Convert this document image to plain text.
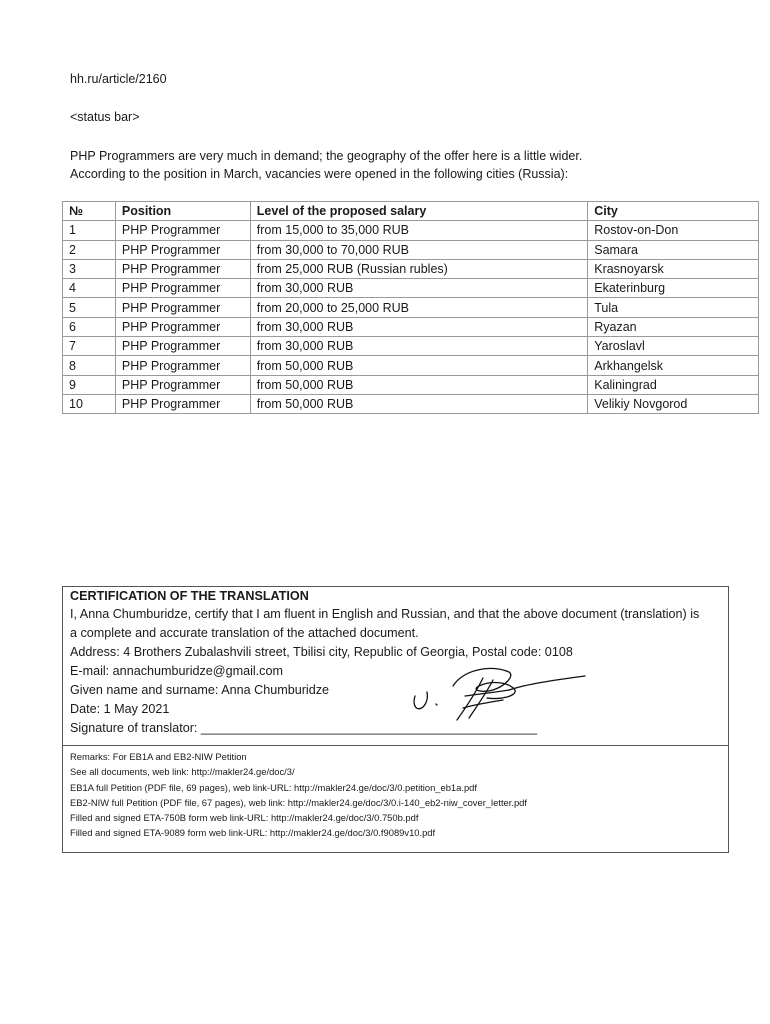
hh.ru/article/2160
<status bar>
PHP Programmers are very much in demand; the geography of the offer here is a little wider.
According to the position in March, vacancies were opened in the following cities (Russia):
№	Position	Level of the proposed salary	City
1	PHP Programmer	from 15,000 to 35,000 RUB	Rostov-on-Don
2	PHP Programmer	from 30,000 to 70,000 RUB	Samara
3	PHP Programmer	from 25,000 RUB (Russian rubles)	Krasnoyarsk
4	PHP Programmer	from 30,000 RUB	Ekaterinburg
5	PHP Programmer	from 20,000 to 25,000 RUB	Tula
6	PHP Programmer	from 30,000 RUB	Ryazan
7	PHP Programmer	from 30,000 RUB	Yaroslavl
8	PHP Programmer	from 50,000 RUB	Arkhangelsk
9	PHP Programmer	from 50,000 RUB	Kaliningrad
10	PHP Programmer	from 50,000 RUB	Velikiy Novgorod
CERTIFICATION OF THE TRANSLATION
I, Anna Chumburidze, certify that I am fluent in English and Russian, and that the above document (translation) is
a complete and accurate translation of the attached document.
Address: 4 Brothers Zubalashvili street, Tbilisi city, Republic of Georgia, Postal code: 0108
E-mail: annachumburidze@gmail.com
Given name and surname: Anna Chumburidze
Date: 1 May 2021
Signature of translator: ________________________________________________
Remarks: For EB1A and EB2-NIW Petition
See all documents, web link: http://makler24.ge/doc/3/
EB1A full Petition (PDF file, 69 pages), web link-URL: http://makler24.ge/doc/3/0.petition_eb1a.pdf
EB2-NIW full Petition (PDF file, 67 pages), web link: http://makler24.ge/doc/3/0.i-140_eb2-niw_cover_letter.pdf
Filled and signed ETA-750B form web link-URL: http://makler24.ge/doc/3/0.750b.pdf
Filled and signed ETA-9089 form web link-URL: http://makler24.ge/doc/3/0.f9089v10.pdf
